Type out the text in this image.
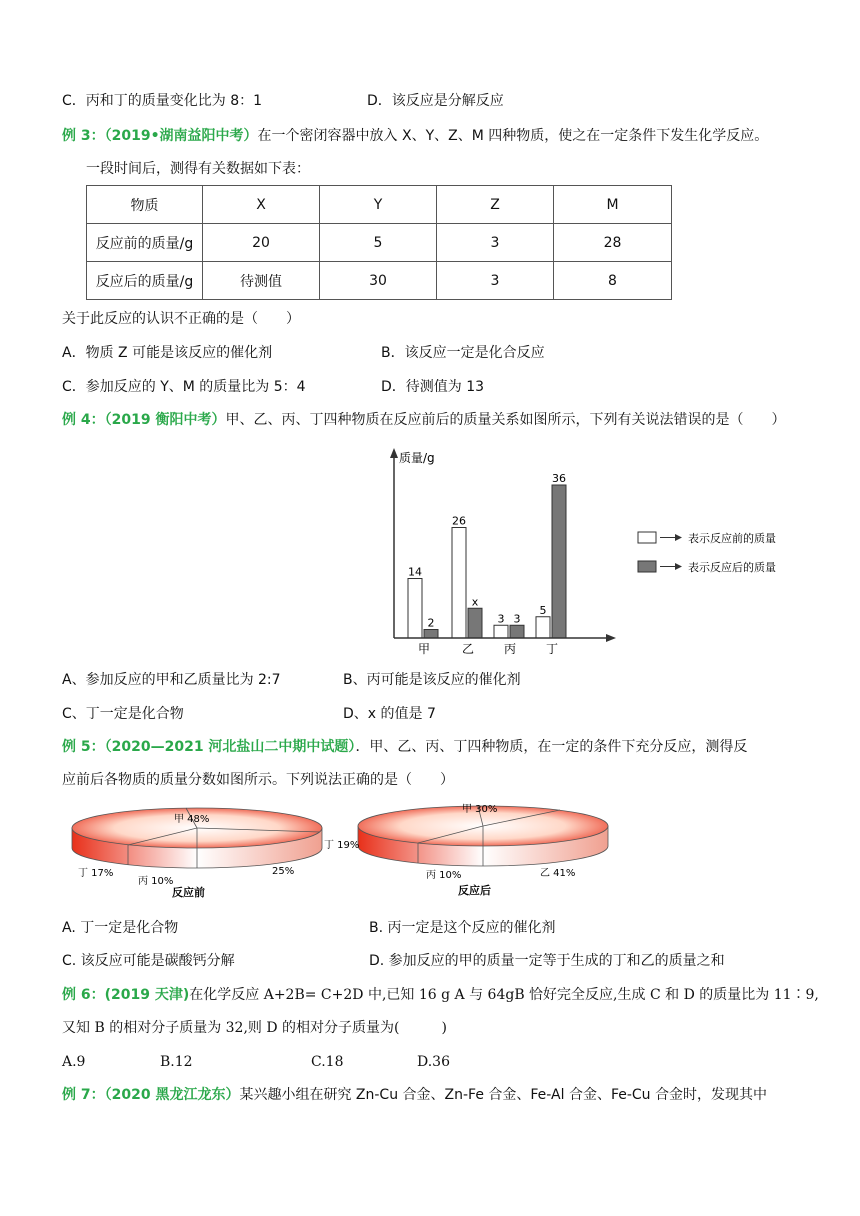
C．丙和丁的质量变化比为 8：1	D．该反应是分解反应
例 3：（2019•湖南益阳中考）在一个密闭容器中放入 X、Y、Z、M 四种物质，使之在一定条件下发生化学反应。
一段时间后，测得有关数据如下表：
物质	X	Y	Z	M
反应前的质量/g	20	5	3	28
反应后的质量/g	待测值	30	3	8
关于此反应的认识不正确的是（　　）
A．物质 Z 可能是该反应的催化剂	B．该反应一定是化合反应
C．参加反应的 Y、M 的质量比为 5：4	D．待测值为 13
例 4：（2019 衡阳中考）甲、乙、丙、丁四种物质在反应前后的质量关系如图所示，下列有关说法错误的是（　　）
14
2
甲
26
x
乙
3 3
丙
5
36
丁
质量/g
表示反应前的质量
表示反应后的质量
A、参加反应的甲和乙质量比为 2:7	B、丙可能是该反应的催化剂
C、丁一定是化合物	D、x 的值是 7
例 5：（2020—2021 河北盐山二中期中试题）．甲、乙、丙、丁四种物质，在一定的条件下充分反应，测得反
应前后各物质的质量分数如图所示。下列说法正确的是（　　）
甲 48%
25%
丙 10%
丁 17%
反应前
甲 30%
乙 41%
丙 10%
丁 19%
反应后
A. 丁一定是化合物	B. 丙一定是这个反应的催化剂
C. 该反应可能是碳酸钙分解	D. 参加反应的甲的质量一定等于生成的丁和乙的质量之和
例 6：(2019 天津)在化学反应 A+2B= C+2D 中,已知 16 g A 与 64gB 恰好完全反应,生成 C 和 D 的质量比为 11∶9,
又知 B 的相对分子质量为 32,则 D 的相对分子质量为(　　　)
A.9	B.12	C.18	D.36
例 7：（2020 黑龙江龙东）某兴趣小组在研究 Zn-Cu 合金、Zn-Fe 合金、Fe-Al 合金、Fe-Cu 合金时，发现其中
